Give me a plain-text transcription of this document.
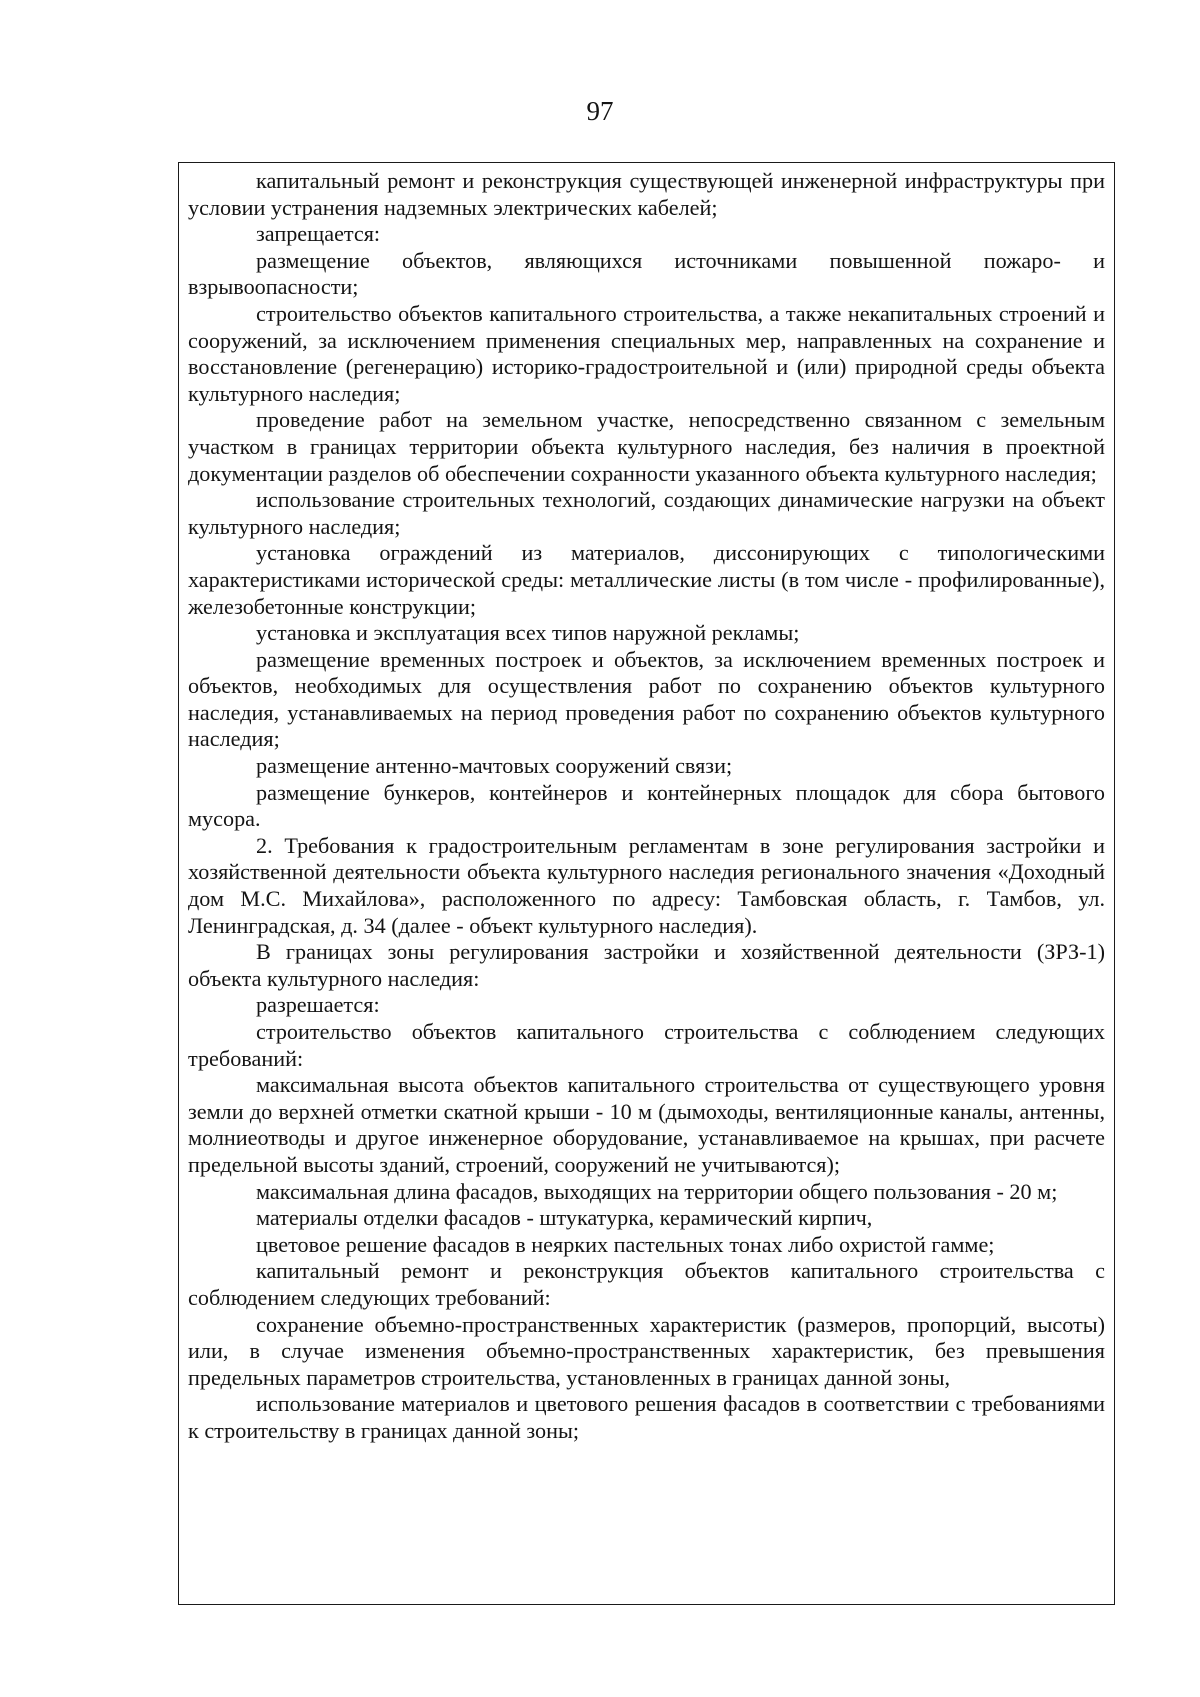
97

капитальный ремонт и реконструкция существующей инженерной инфраструктуры при условии устранения надземных электрических кабелей;

запрещается:

размещение объектов, являющихся источниками повышенной пожаро- и взрывоопасности;

строительство объектов капитального строительства, а также некапитальных строений и сооружений, за исключением применения специальных мер, направленных на сохранение и восстановление (регенерацию) историко-градостроительной и (или) природной среды объекта культурного наследия;

проведение работ на земельном участке, непосредственно связанном с земельным участком в границах территории объекта культурного наследия, без наличия в проектной документации разделов об обеспечении сохранности указанного объекта культурного наследия;

использование строительных технологий, создающих динамические нагрузки на объект культурного наследия;

установка ограждений из материалов, диссонирующих с типологическими характеристиками исторической среды: металлические листы (в том числе - профилированные), железобетонные конструкции;

установка и эксплуатация всех типов наружной рекламы;

размещение временных построек и объектов, за исключением временных построек и объектов, необходимых для осуществления работ по сохранению объектов культурного наследия, устанавливаемых на период проведения работ по сохранению объектов культурного наследия;

размещение антенно-мачтовых сооружений связи;

размещение бункеров, контейнеров и контейнерных площадок для сбора бытового мусора.

2. Требования к градостроительным регламентам в зоне регулирования застройки и хозяйственной деятельности объекта культурного наследия регионального значения «Доходный дом М.С. Михайлова», расположенного по адресу: Тамбовская область, г. Тамбов, ул. Ленинградская, д. 34 (далее - объект культурного наследия).

В границах зоны регулирования застройки и хозяйственной деятельности (ЗРЗ-1) объекта культурного наследия:

разрешается:

строительство объектов капитального строительства с соблюдением следующих требований:

максимальная высота объектов капитального строительства от существующего уровня земли до верхней отметки скатной крыши - 10 м (дымоходы, вентиляционные каналы, антенны, молниеотводы и другое инженерное оборудование, устанавливаемое на крышах, при расчете предельной высоты зданий, строений, сооружений не учитываются);

максимальная длина фасадов, выходящих на территории общего пользования - 20 м;

материалы отделки фасадов - штукатурка, керамический кирпич,

цветовое решение фасадов в неярких пастельных тонах либо охристой гамме;

капитальный ремонт и реконструкция объектов капитального строительства с соблюдением следующих требований:

сохранение объемно-пространственных характеристик (размеров, пропорций, высоты) или, в случае изменения объемно-пространственных характеристик, без превышения предельных параметров строительства, установленных в границах данной зоны,

использование материалов и цветового решения фасадов в соответствии с требованиями к строительству в границах данной зоны;
